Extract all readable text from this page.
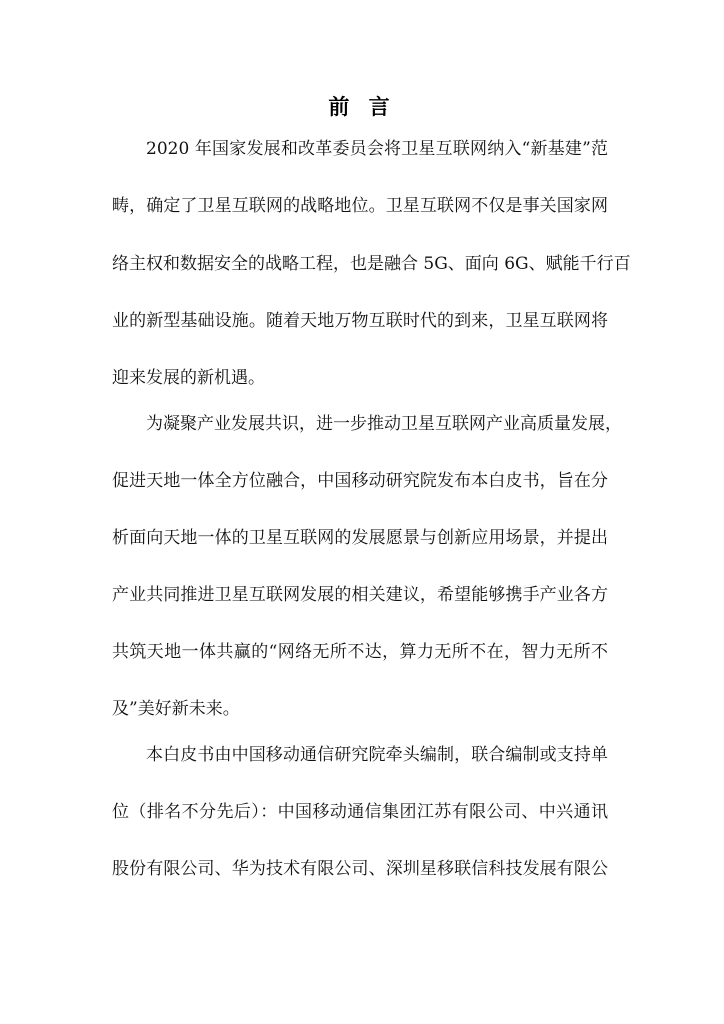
前 言
2020 年国家发展和改革委员会将卫星互联网纳入“新基建”范
畴，确定了卫星互联网的战略地位。卫星互联网不仅是事关国家网
络主权和数据安全的战略工程，也是融合 5G、面向 6G、赋能千行百
业的新型基础设施。随着天地万物互联时代的到来，卫星互联网将
迎来发展的新机遇。
为凝聚产业发展共识，进一步推动卫星互联网产业高质量发展，
促进天地一体全方位融合，中国移动研究院发布本白皮书，旨在分
析面向天地一体的卫星互联网的发展愿景与创新应用场景，并提出
产业共同推进卫星互联网发展的相关建议，希望能够携手产业各方
共筑天地一体共赢的“网络无所不达，算力无所不在，智力无所不
及”美好新未来。
本白皮书由中国移动通信研究院牵头编制，联合编制或支持单
位（排名不分先后）：中国移动通信集团江苏有限公司、中兴通讯
股份有限公司、华为技术有限公司、深圳星移联信科技发展有限公
